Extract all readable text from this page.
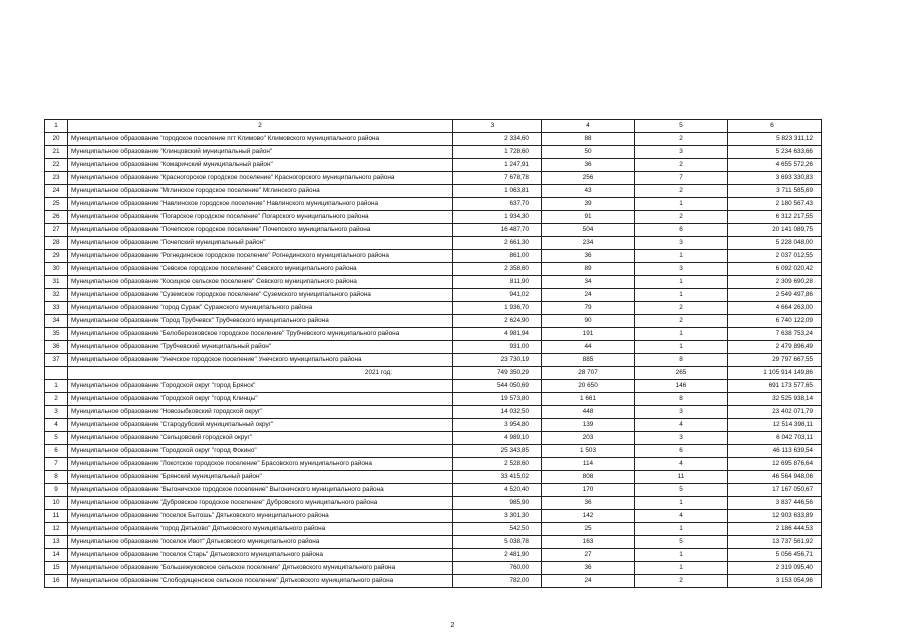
1	2	3	4	5	6
20	Муниципальное образование "городское поселение пгт Климово" Климовского муниципального района	2 334,60	88	2	5 823 311,12
21	Муниципальное образование "Клинцовский муниципальный район"	1 728,60	50	3	5 234 633,66
22	Муниципальное образование "Комаричский муниципальный район"	1 247,91	36	2	4 655 572,26
23	Муниципальное образование "Красногорское городское поселение" Красногорского муниципального района	7 678,78	256	7	3 693 330,83
24	Муниципальное образование "Мглинское городское поселение" Мглинского района	1 063,81	43	2	3 711 585,69
25	Муниципальное образование "Навлинское городское поселение" Навлинского муниципального района	637,70	39	1	2 180 567,43
26	Муниципальное образование "Погарское городское поселение" Погарского муниципального района	1 934,30	91	2	6 312 217,55
27	Муниципальное образование "Почепское городское поселение" Почепского муниципального района	16 487,70	504	6	20 141 089,75
28	Муниципальное образование "Почепский муниципальный район"	2 661,30	234	3	5 228 048,00
29	Муниципальное образование "Рогнединское городское поселение" Рогнединского муниципального района	861,00	36	1	2 037 012,55
30	Муниципальное образование "Севское городское поселение" Севского муниципального района	2 358,60	89	3	6 092 020,42
31	Муниципальное образование "Косицкое сельское поселение" Севского муниципального района	811,90	34	1	2 309 690,28
32	Муниципальное образование "Суземское городское поселение" Суземского муниципального района	941,02	24	1	2 549 497,86
33	Муниципальное образование "город Сураж" Суражского муниципального района	1 936,70	79	2	4 664 263,00
34	Муниципальное образование "Город Трубчевск" Трубчевского муниципального района	2 624,90	90	2	6 740 122,09
35	Муниципальное образование "Белоберезковское городское поселение" Трубчевского муниципального района	4 981,94	191	1	7 638 753,24
36	Муниципальное образование "Трубчевский муниципальный район"	931,00	44	1	2 479 896,49
37	Муниципальное образование "Унечское городское поселение" Унечского муниципального района	23 730,19	885	8	29 797 667,55
	2021 год:	749 350,29	28 707	265	1 105 914 149,86
1	Муниципальное образование "Городской округ "город Брянск"	544 050,69	20 650	146	691 173 577,65
2	Муниципальное образование "Городской округ "город Клинцы"	19 573,80	1 661	8	32 525 938,14
3	Муниципальное образование "Новозыбковский городской округ"	14 032,50	448	3	23 402 071,79
4	Муниципальное образование "Стародубский муниципальный округ"	3 954,80	139	4	12 514 398,11
5	Муниципальное образование "Сельцовский городской округ"	4 989,10	203	3	6 042 703,11
6	Муниципальное образование "Городской округ "город Фокино"	25 343,85	1 503	6	46 113 639,54
7	Муниципальное образование "Локотское городское поселение" Брасовского муниципального района	2 528,60	114	4	12 695 876,64
8	Муниципальное образование "Брянский муниципальный район"	33 415,02	808	11	46 564 948,06
9	Муниципальное образование "Выгоничское городское поселение" Выгоничского муниципального района	4 520,40	170	5	17 167 050,67
10	Муниципальное образование "Дубровское городское поселение" Дубровского муниципального района	985,90	36	1	3 837 446,56
11	Муниципальное образование "поселок Бытошь" Дятьковского муниципального района	3 301,30	142	4	12 903 633,89
12	Муниципальное образование "город Дятьково" Дятьковского муниципального района	542,50	25	1	2 186 444,53
13	Муниципальное образование "поселок Ивот" Дятьковского муниципального района	5 038,78	163	5	13 737 561,92
14	Муниципальное образование "поселок Старь" Дятьковского муниципального района	2 481,90	27	1	5 056 456,71
15	Муниципальное образование "Большежуковское сельское поселение" Дятьковского муниципального района	760,00	36	1	2 319 095,40
16	Муниципальное образование "Слободищенское сельское поселение" Дятьковского муниципального района	782,00	24	2	3 153 054,96
2
